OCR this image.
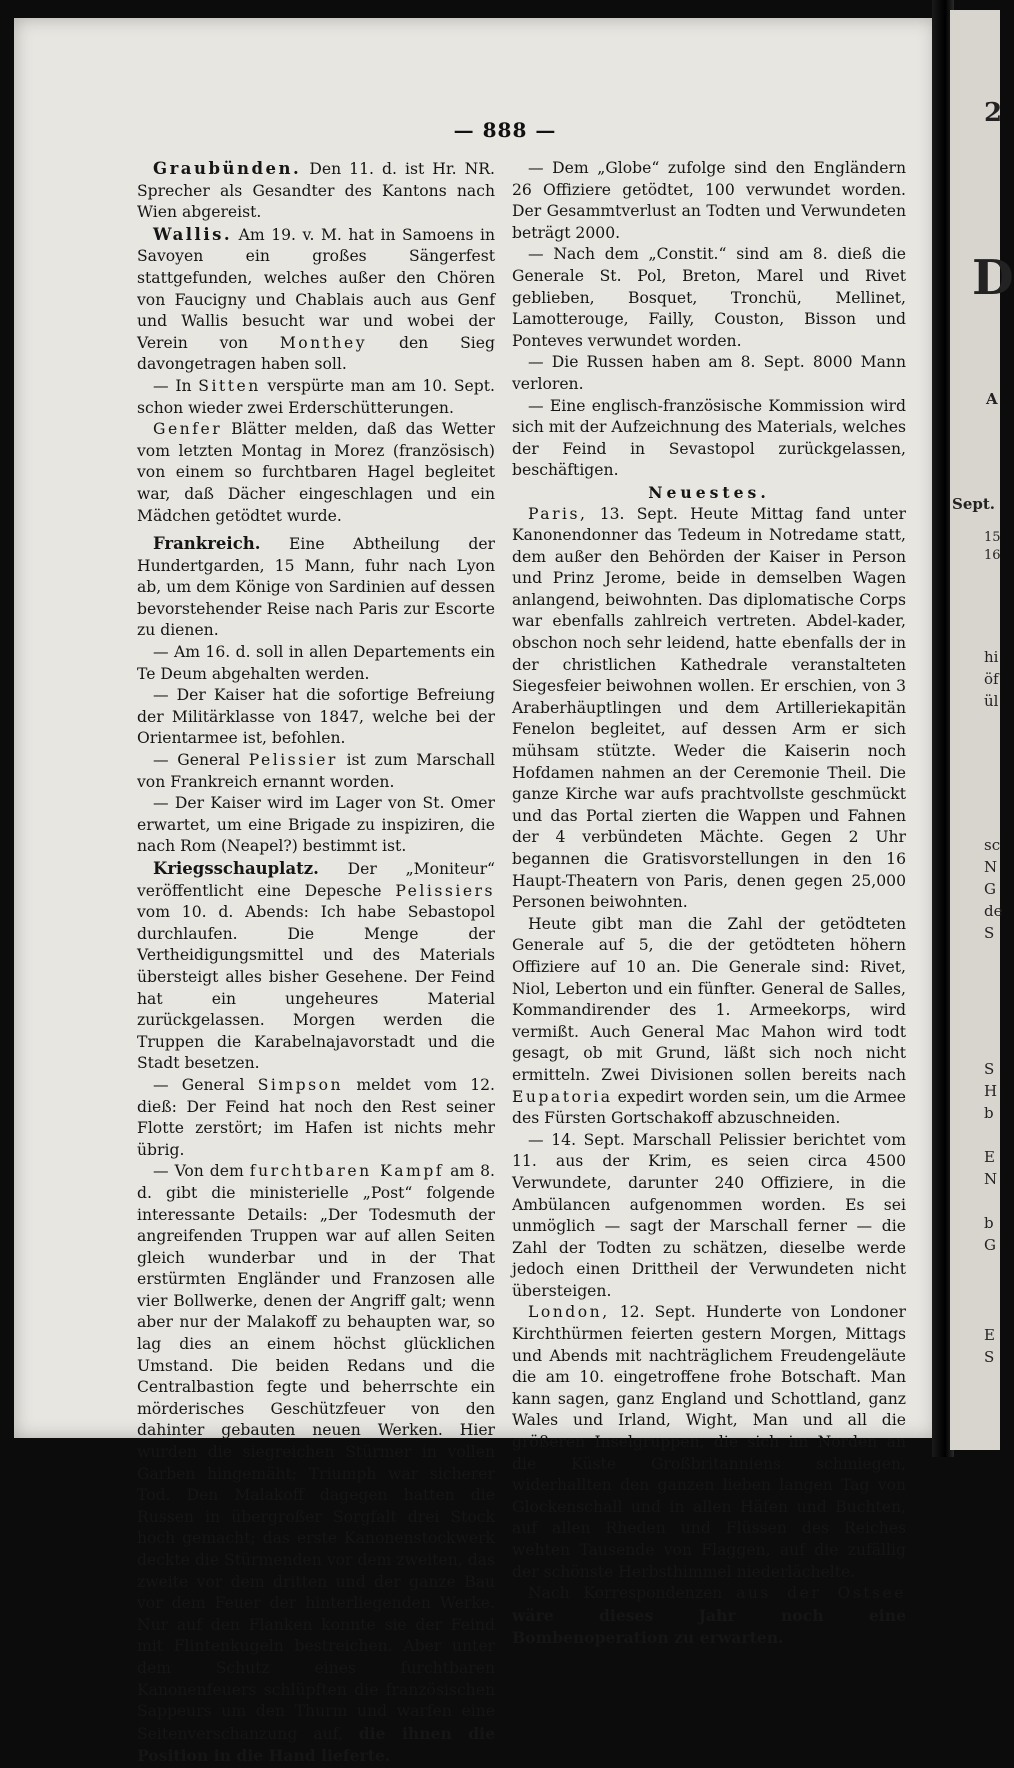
2
D
A
Sept.
15
16
hi
öf
ül
sc
N
G
de
S
S
H
b
E
N
b
G
E
S
— 888 —

Graubünden. Den 11. d. ist Hr. NR. Sprecher als Gesandter des Kantons nach Wien abgereist.

Wallis. Am 19. v. M. hat in Samoens in Savoyen ein großes Sängerfest stattgefunden, welches außer den Chören von Faucigny und Chablais auch aus Genf und Wallis besucht war und wobei der Verein von Monthey den Sieg davongetragen haben soll.

— In Sitten verspürte man am 10. Sept. schon wieder zwei Erderschütterungen.

Genfer Blätter melden, daß das Wetter vom letzten Montag in Morez (französisch) von einem so furchtbaren Hagel begleitet war, daß Dächer eingeschlagen und ein Mädchen getödtet wurde.

Frankreich. Eine Abtheilung der Hundertgarden, 15 Mann, fuhr nach Lyon ab, um dem Könige von Sardinien auf dessen bevorstehender Reise nach Paris zur Escorte zu dienen.

— Am 16. d. soll in allen Departements ein Te Deum abgehalten werden.

— Der Kaiser hat die sofortige Befreiung der Militärklasse von 1847, welche bei der Orientarmee ist, befohlen.

— General Pelissier ist zum Marschall von Frankreich ernannt worden.

— Der Kaiser wird im Lager von St. Omer erwartet, um eine Brigade zu inspiziren, die nach Rom (Neapel?) bestimmt ist.

Kriegsschauplatz. Der „Moniteur“ veröffentlicht eine Depesche Pelissiers vom 10. d. Abends: Ich habe Sebastopol durchlaufen. Die Menge der Vertheidigungsmittel und des Materials übersteigt alles bisher Gesehene. Der Feind hat ein ungeheures Material zurückgelassen. Morgen werden die Truppen die Karabelnajavorstadt und die Stadt besetzen.

— General Simpson meldet vom 12. dieß: Der Feind hat noch den Rest seiner Flotte zerstört; im Hafen ist nichts mehr übrig.

— Von dem furchtbaren Kampf am 8. d. gibt die ministerielle „Post“ folgende interessante Details: „Der Todesmuth der angreifenden Truppen war auf allen Seiten gleich wunderbar und in der That erstürmten Engländer und Franzosen alle vier Bollwerke, denen der Angriff galt; wenn aber nur der Malakoff zu behaupten war, so lag dies an einem höchst glücklichen Umstand. Die beiden Redans und die Centralbastion fegte und beherrschte ein mörderisches Geschützfeuer von den dahinter gebauten neuen Werken. Hier wurden die siegreichen Stürmer in vollen Garben hingemäht; Triumph war sicherer Tod. Den Malakoff dagegen hatten die Russen in übergroßer Sorgfalt drei Stock hoch gemacht; das erste Kanonenstockwerk deckte die Stürmenden vor dem zweiten, das zweite vor dem dritten und der ganze Bau vor dem Feuer der hinterliegenden Werke. Nur auf den Flanken konnte sie der Feind mit Flintenkugeln bestreichen. Aber unter dem Schutz eines furchtbaren Kanonenfeuers schlüpften die französischen Sappeurs um den Thurm und warfen eine Seitenverschanzung auf, die ihnen die Position in die Hand lieferte.

— Dem „Globe“ zufolge sind den Engländern 26 Offiziere getödtet, 100 verwundet worden. Der Gesammtverlust an Todten und Verwundeten beträgt 2000.

— Nach dem „Constit.“ sind am 8. dieß die Generale St. Pol, Breton, Marel und Rivet geblieben, Bosquet, Tronchü, Mellinet, Lamotterouge, Failly, Couston, Bisson und Ponteves verwundet worden.

— Die Russen haben am 8. Sept. 8000 Mann verloren.

— Eine englisch-französische Kommission wird sich mit der Aufzeichnung des Materials, welches der Feind in Sevastopol zurückgelassen, beschäftigen.

Neuestes.

Paris, 13. Sept. Heute Mittag fand unter Kanonendonner das Tedeum in Notredame statt, dem außer den Behörden der Kaiser in Person und Prinz Jerome, beide in demselben Wagen anlangend, beiwohnten. Das diplomatische Corps war ebenfalls zahlreich vertreten. Abdel-kader, obschon noch sehr leidend, hatte ebenfalls der in der christlichen Kathedrale veranstalteten Siegesfeier beiwohnen wollen. Er erschien, von 3 Araberhäuptlingen und dem Artilleriekapitän Fenelon begleitet, auf dessen Arm er sich mühsam stützte. Weder die Kaiserin noch Hofdamen nahmen an der Ceremonie Theil. Die ganze Kirche war aufs prachtvollste geschmückt und das Portal zierten die Wappen und Fahnen der 4 verbündeten Mächte. Gegen 2 Uhr begannen die Gratisvorstellungen in den 16 Haupt-Theatern von Paris, denen gegen 25,000 Personen beiwohnten.

Heute gibt man die Zahl der getödteten Generale auf 5, die der getödteten höhern Offiziere auf 10 an. Die Generale sind: Rivet, Niol, Leberton und ein fünfter. General de Salles, Kommandirender des 1. Armeekorps, wird vermißt. Auch General Mac Mahon wird todt gesagt, ob mit Grund, läßt sich noch nicht ermitteln. Zwei Divisionen sollen bereits nach Eupatoria expedirt worden sein, um die Armee des Fürsten Gortschakoff abzuschneiden.

— 14. Sept. Marschall Pelissier berichtet vom 11. aus der Krim, es seien circa 4500 Verwundete, darunter 240 Offiziere, in die Ambülancen aufgenommen worden. Es sei unmöglich — sagt der Marschall ferner — die Zahl der Todten zu schätzen, dieselbe werde jedoch einen Drittheil der Verwundeten nicht übersteigen.

London, 12. Sept. Hunderte von Londoner Kirchthürmen feierten gestern Morgen, Mittags und Abends mit nachträglichem Freudengeläute die am 10. eingetroffene frohe Botschaft. Man kann sagen, ganz England und Schottland, ganz Wales und Irland, Wight, Man und all die größeren Inselgruppen, die sich im Norden an die Küste Großbritanniens schmiegen, widerhallten den ganzen lieben langen Tag von Glockenschall und in allen Häfen und Buchten, auf allen Rheden und Flüssen des Reiches wehten Tausende von Flaggen, auf die zufällig der schönste Herbsthimmel niederlächelte.

Nach Korrespondenzen aus der Ostsee wäre dieses Jahr noch eine Bombenoperation zu erwarten.
